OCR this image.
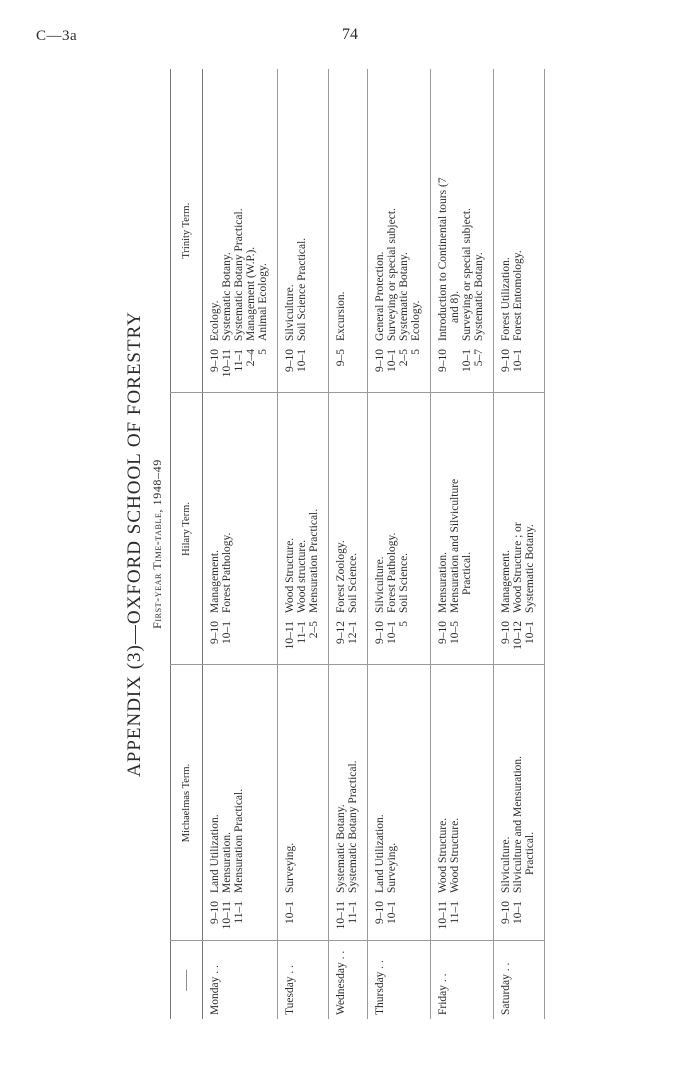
C—3a	74
APPENDIX (3)—OXFORD SCHOOL OF FORESTRY First-year Time-table, 1948–49
——	Michaelmas Term.		Hilary Term.		Trinity Term.	
Monday . .	9–10 10–11 11–1	Land Utilization. Mensuration. Mensuration Practical.	9–10 10–1	Management. Forest Pathology.	9–10 10–11 11–1 2–4 5	Ecology. Systematic Botany. Systematic Botany Practical. Management (W.P.). Animal Ecology.

Tuesday . .	10–1	Surveying.	10–11 11–1 2–5	Wood Structure. Wood structure. Mensuration Practical.	9–10 10–1	Silviculture. Soil Science Practical.

Wednesday . .	10–11 11–1	Systematic Botany. Systematic Botany Practical.	9–12 12–1	Forest Zoology. Soil Science.	9–5	Excursion.

Thursday . .	9–10 10–1	Land Utilization. Surveying.	9–10 10–1 5	Silviculture. Forest Pathology. Soil Science.	9–10 10–1 2–5 5	General Protection. Surveying or special subject. Systematic Botany. Ecology.

Friday . .	10–11 11–1	Wood Structure. Wood Structure.	9–10 10–5	Mensuration. Mensuration and Silviculture Practical.	9–10 10–1 5–7	Introduction to Continental tours (7 and 8). Surveying or special subject. Systematic Botany.

Saturday . .	9–10 10–1	Silviculture. Silviculture and Mensuration. Practical.	9–10 10–12 10–1	Management. Wood Structure ; or Systematic Botany.	9–10 10–1	Forest Utilization. Forest Entomology.
